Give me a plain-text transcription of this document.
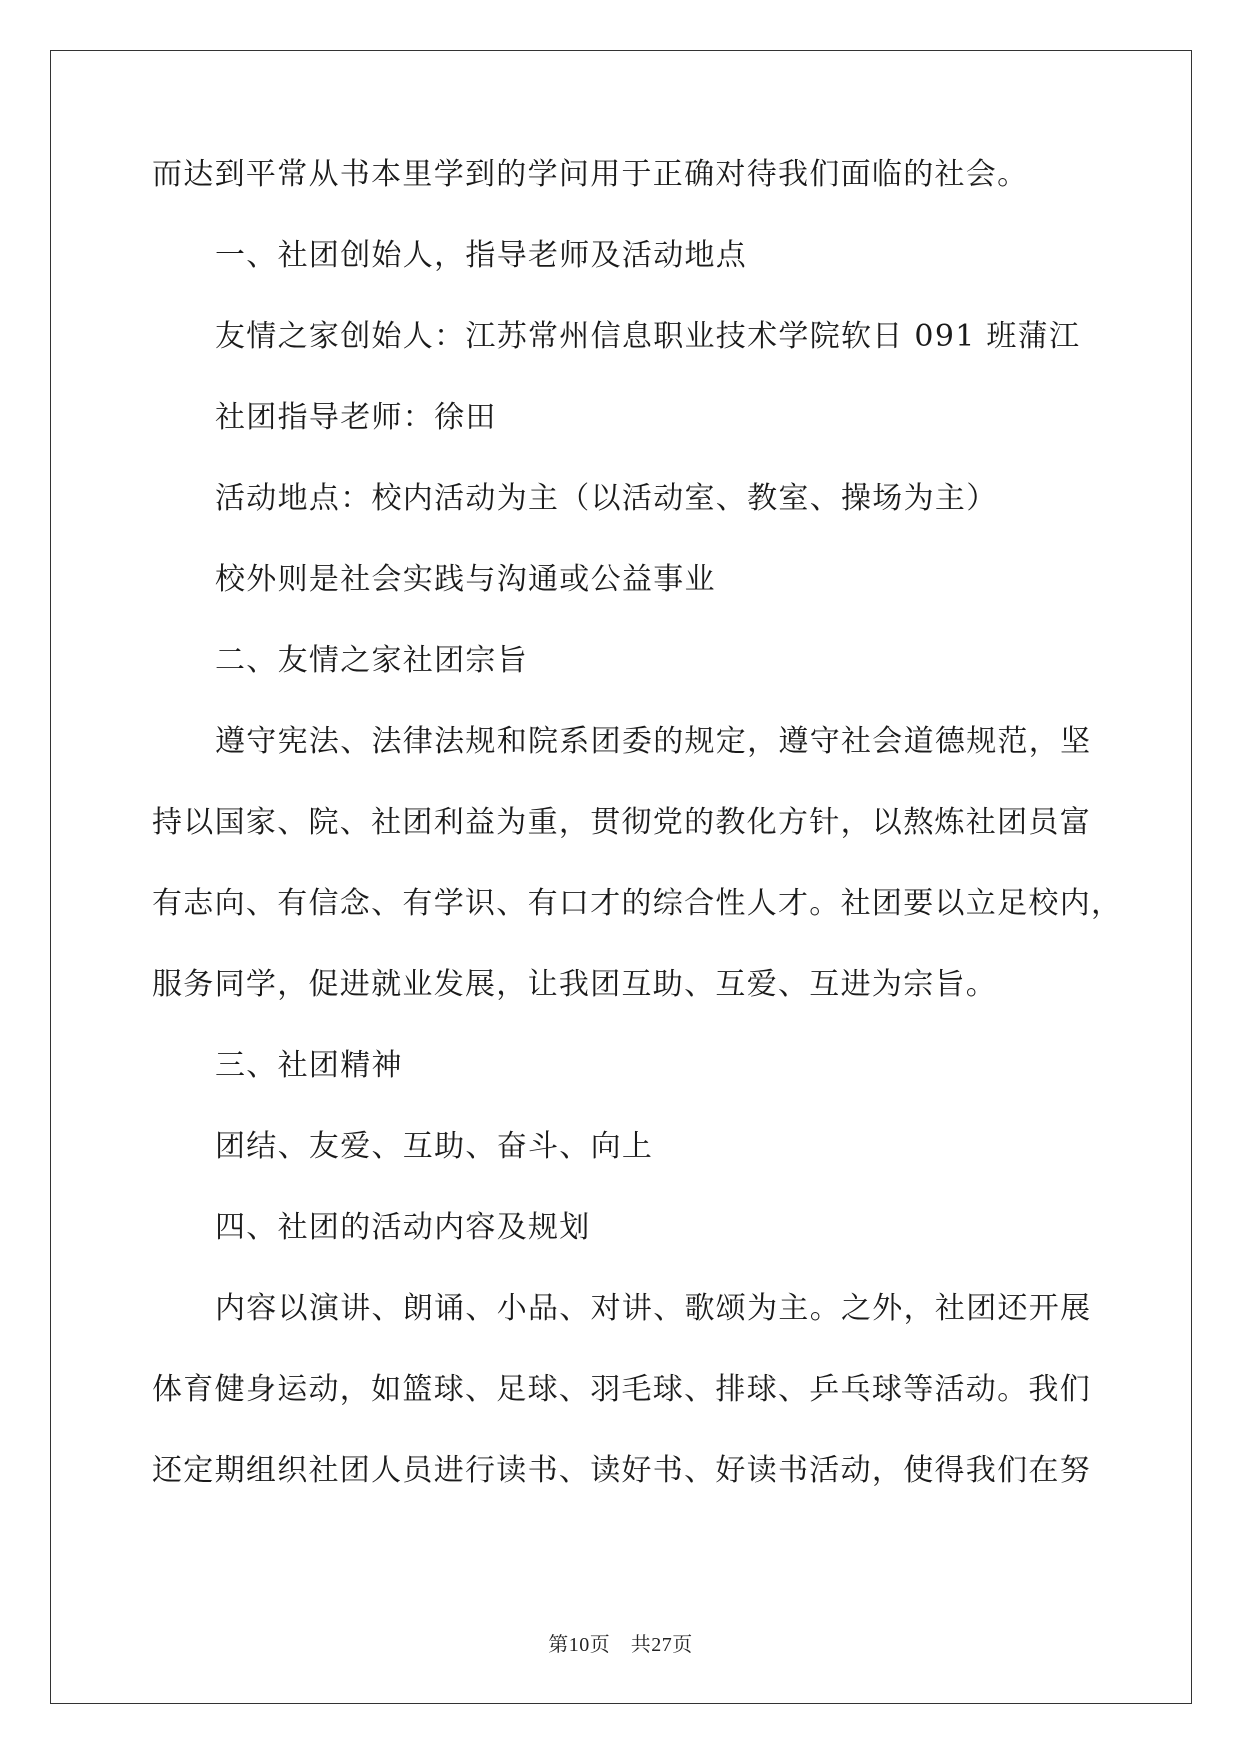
而达到平常从书本里学到的学问用于正确对待我们面临的社会。
一、社团创始人，指导老师及活动地点
友情之家创始人：江苏常州信息职业技术学院软日 091 班蒲江
社团指导老师：徐田
活动地点：校内活动为主（以活动室、教室、操场为主）
校外则是社会实践与沟通或公益事业
二、友情之家社团宗旨
遵守宪法、法律法规和院系团委的规定，遵守社会道德规范，坚
持以国家、院、社团利益为重，贯彻党的教化方针，以熬炼社团员富
有志向、有信念、有学识、有口才的综合性人才。社团要以立足校内，
服务同学，促进就业发展，让我团互助、互爱、互进为宗旨。
三、社团精神
团结、友爱、互助、奋斗、向上
四、社团的活动内容及规划
内容以演讲、朗诵、小品、对讲、歌颂为主。之外，社团还开展
体育健身运动，如篮球、足球、羽毛球、排球、乒乓球等活动。我们
还定期组织社团人员进行读书、读好书、好读书活动，使得我们在努
第10页　共27页
